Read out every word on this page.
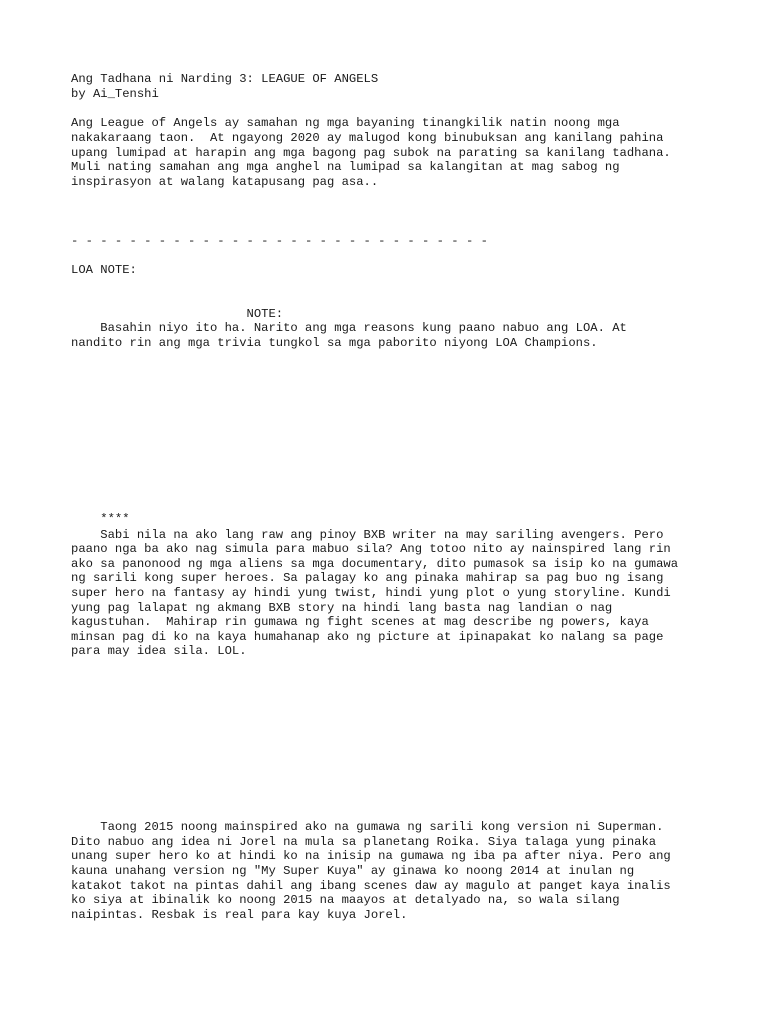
Ang Tadhana ni Narding 3: LEAGUE OF ANGELS
by Ai_Tenshi
Ang League of Angels ay samahan ng mga bayaning tinangkilik natin noong mga
nakakaraang taon.  At ngayong 2020 ay malugod kong binubuksan ang kanilang pahina
upang lumipad at harapin ang mga bagong pag subok na parating sa kanilang tadhana.
Muli nating samahan ang mga anghel na lumipad sa kalangitan at mag sabog ng
inspirasyon at walang katapusang pag asa..
- - - - - - - - - - - - - - - - - - - - - - - - - - - - -
LOA NOTE:
NOTE:
Basahin niyo ito ha. Narito ang mga reasons kung paano nabuo ang LOA. At
nandito rin ang mga trivia tungkol sa mga paborito niyong LOA Champions.
****
Sabi nila na ako lang raw ang pinoy BXB writer na may sariling avengers. Pero
paano nga ba ako nag simula para mabuo sila? Ang totoo nito ay nainspired lang rin
ako sa panonood ng mga aliens sa mga documentary, dito pumasok sa isip ko na gumawa
ng sarili kong super heroes. Sa palagay ko ang pinaka mahirap sa pag buo ng isang
super hero na fantasy ay hindi yung twist, hindi yung plot o yung storyline. Kundi
yung pag lalapat ng akmang BXB story na hindi lang basta nag landian o nag
kagustuhan.  Mahirap rin gumawa ng fight scenes at mag describe ng powers, kaya
minsan pag di ko na kaya humahanap ako ng picture at ipinapakat ko nalang sa page
para may idea sila. LOL.
Taong 2015 noong mainspired ako na gumawa ng sarili kong version ni Superman.
Dito nabuo ang idea ni Jorel na mula sa planetang Roika. Siya talaga yung pinaka
unang super hero ko at hindi ko na inisip na gumawa ng iba pa after niya. Pero ang
kauna unahang version ng "My Super Kuya" ay ginawa ko noong 2014 at inulan ng
katakot takot na pintas dahil ang ibang scenes daw ay magulo at panget kaya inalis
ko siya at ibinalik ko noong 2015 na maayos at detalyado na, so wala silang
naipintas. Resbak is real para kay kuya Jorel.
